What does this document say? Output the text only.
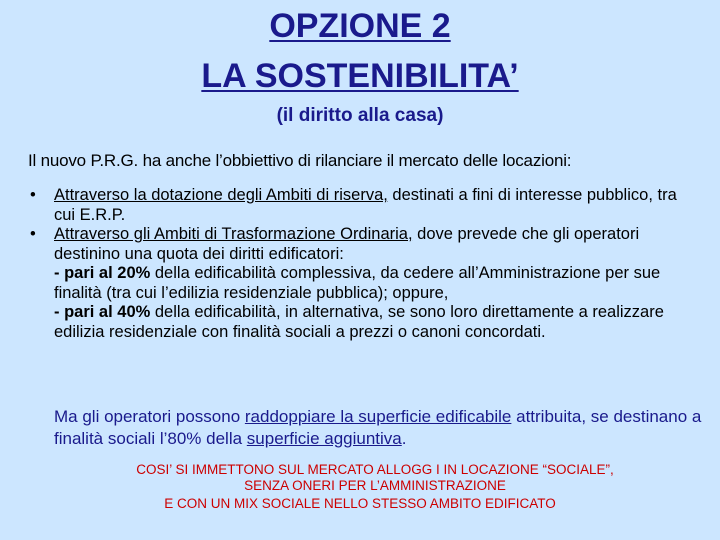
OPZIONE 2
LA SOSTENIBILITA’
(il diritto alla casa)
Il nuovo P.R.G. ha anche l’obbiettivo di rilanciare il mercato delle locazioni:
• Attraverso la dotazione degli Ambiti di riserva, destinati a fini di interesse pubblico, tra cui E.R.P.
• Attraverso gli Ambiti di Trasformazione Ordinaria, dove prevede che gli operatori destinino una quota dei diritti edificatori:
- pari al 20% della edificabilità complessiva, da cedere all’Amministrazione per sue finalità (tra cui l’edilizia residenziale pubblica); oppure,
- pari al 40% della edificabilità, in alternativa, se sono loro direttamente a realizzare edilizia residenziale con finalità sociali a prezzi o canoni concordati.
Ma gli operatori possono raddoppiare la superficie edificabile attribuita, se destinano a finalità sociali l’80% della superficie aggiuntiva.
COSI’ SI IMMETTONO SUL MERCATO ALLOGG I IN LOCAZIONE “SOCIALE”,
SENZA ONERI PER L’AMMINISTRAZIONE
E CON UN MIX SOCIALE NELLO STESSO AMBITO EDIFICATO
